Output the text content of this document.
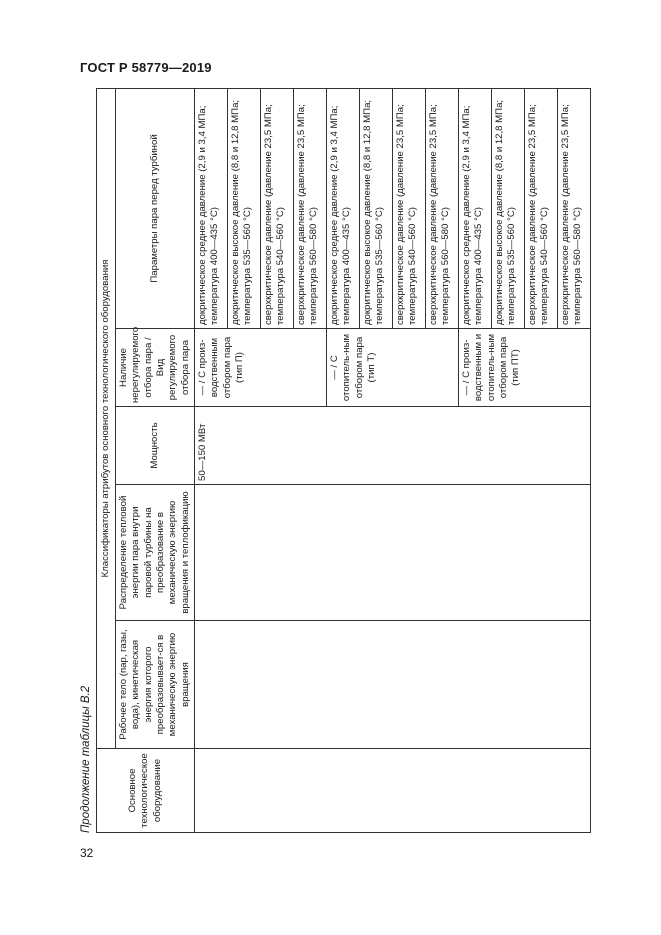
ГОСТ Р 58779—2019
Продолжение таблицы В.2	Основное технологическое оборудование	Классификаторы атрибутов основного технологического оборудования				
	Рабочее тело (пар, газы, вода), кинетическая энергия которого преобразовывает-ся в механическую энергию вращения	Распределение тепловой энергии пара внутри паровой турбины на преобразование в механическую энергию вращения и теплофикацию	Мощность	Наличие нерегулируемого отбора пара / Вид регулируемого отбора пара	Параметры пара перед турбиной
			50—150 МВт	— / С произ-водственным отбором пара (тип П)	докритическое среднее давление (2,9 и 3,4 МПа; температура 400—435 °С)
					докритическое высокое давление (8,8 и 12,8 МПа; температура 535—560 °С)
					сверхкритическое давление (давление 23,5 МПа; температура 540—560 °С)
					сверхкритическое давление (давление 23,5 МПа; температура 560—580 °С)
				— / С отопитель-ным отбором пара (тип Т)	докритическое среднее давление (2,9 и 3,4 МПа; температура 400—435 °С)
					докритическое высокое давление (8,8 и 12,8 МПа; температура 535—560 °С)
					сверхкритическое давление (давление 23,5 МПа; температура 540—560 °С)
					сверхкритическое давление (давление 23,5 МПа; температура 560—580 °С)
				— / С произ-водственным и отопитель-ным отбором пара (тип ПТ)	докритическое среднее давление (2,9 и 3,4 МПа; температура 400—435 °С)
					докритическое высокое давление (8,8 и 12,8 МПа; температура 535—560 °С)
					сверхкритическое давление (давление 23,5 МПа; температура 540—560 °С)
					сверхкритическое давление (давление 23,5 МПа; температура 560—580 °С)
32
